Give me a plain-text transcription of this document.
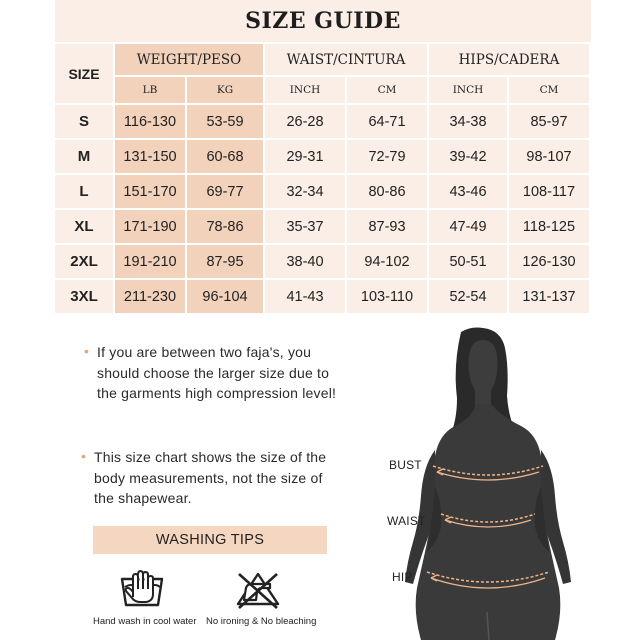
SIZE GUIDE
SIZE	WEIGHT/PESO		WAIST/CINTURA		HIPS/CADERA	
	LB	KG	INCH	CM	INCH	CM
S	116-130	53-59	26-28	64-71	34-38	85-97
M	131-150	60-68	29-31	72-79	39-42	98-107
L	151-170	69-77	32-34	80-86	43-46	108-117
XL	171-190	78-86	35-37	87-93	47-49	118-125
2XL	191-210	87-95	38-40	94-102	50-51	126-130
3XL	211-230	96-104	41-43	103-110	52-54	131-137
• If you are between two faja's, you should choose the larger size due to the garments high compression level!
• This size chart shows the size of the body measurements, not the size of the shapewear.
WASHING TIPS
Hand wash in cool water No ironing & No bleaching
BUST
WAIST
HIP
